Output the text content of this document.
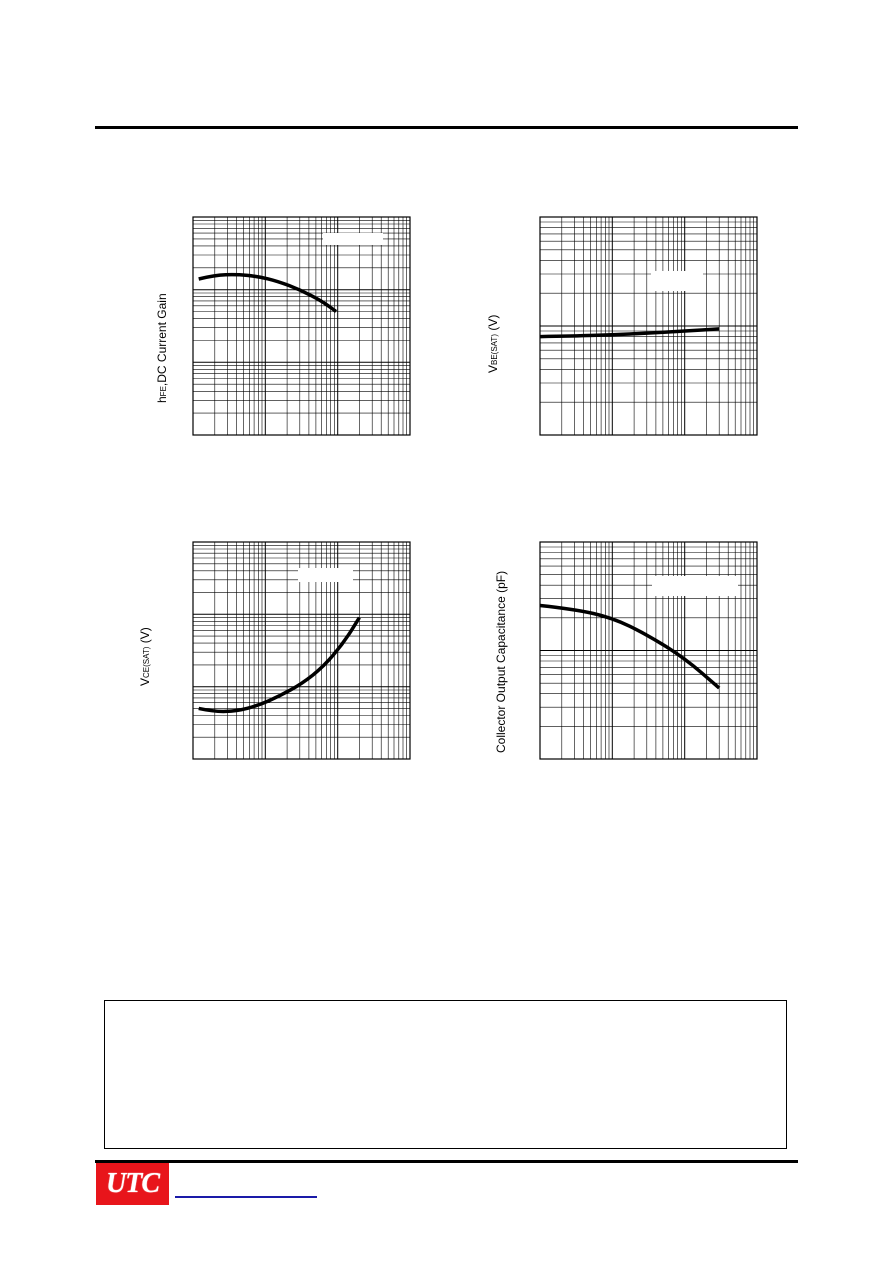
hFE,DC Current Gain	VBE(SAT) (V)
VCE(SAT) (V)	Collector Output Capacitance (pF)
UTC
